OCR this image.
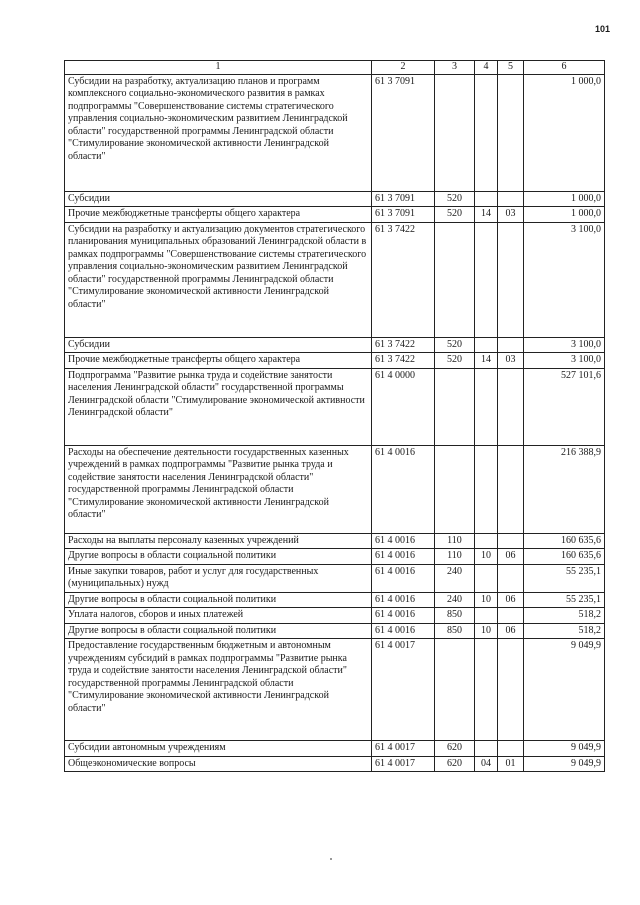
101
1	2	3	4	5	6
Субсидии на разработку, актуализацию планов и программ комплексного социально-экономического развития в рамках подпрограммы "Совершенствование системы стратегического управления социально-экономическим развитием Ленинградской области" государственной программы Ленинградской области "Стимулирование экономической активности Ленинградской области"	61 3 7091				1 000,0
Субсидии	61 3 7091	520			1 000,0
Прочие межбюджетные трансферты общего характера	61 3 7091	520	14	03	1 000,0
Субсидии на разработку и актуализацию документов стратегического планирования муниципальных образований Ленинградской области в рамках подпрограммы "Совершенствование системы стратегического управления социально-экономическим развитием Ленинградской области" государственной программы Ленинградской области "Стимулирование экономической активности Ленинградской области"	61 3 7422				3 100,0
Субсидии	61 3 7422	520			3 100,0
Прочие межбюджетные трансферты общего характера	61 3 7422	520	14	03	3 100,0
Подпрограмма "Развитие рынка труда и содействие занятости населения Ленинградской области" государственной программы Ленинградской области "Стимулирование экономической активности Ленинградской области"	61 4 0000				527 101,6
Расходы на обеспечение деятельности государственных казенных учреждений в рамках подпрограммы "Развитие рынка труда и содействие занятости населения Ленинградской области" государственной программы Ленинградской области "Стимулирование экономической активности Ленинградской области"	61 4 0016				216 388,9
Расходы на выплаты персоналу казенных учреждений	61 4 0016	110			160 635,6
Другие вопросы в области социальной политики	61 4 0016	110	10	06	160 635,6
Иные закупки товаров, работ и услуг для государственных (муниципальных) нужд	61 4 0016	240			55 235,1
Другие вопросы в области социальной политики	61 4 0016	240	10	06	55 235,1
Уплата налогов, сборов и иных платежей	61 4 0016	850			518,2
Другие вопросы в области социальной политики	61 4 0016	850	10	06	518,2
Предоставление государственным бюджетным и автономным учреждениям субсидий в рамках подпрограммы "Развитие рынка труда и содействие занятости населения Ленинградской области" государственной программы Ленинградской области "Стимулирование экономической активности Ленинградской области"	61 4 0017				9 049,9
Субсидии автономным учреждениям	61 4 0017	620			9 049,9
Общеэкономические вопросы	61 4 0017	620	04	01	9 049,9
